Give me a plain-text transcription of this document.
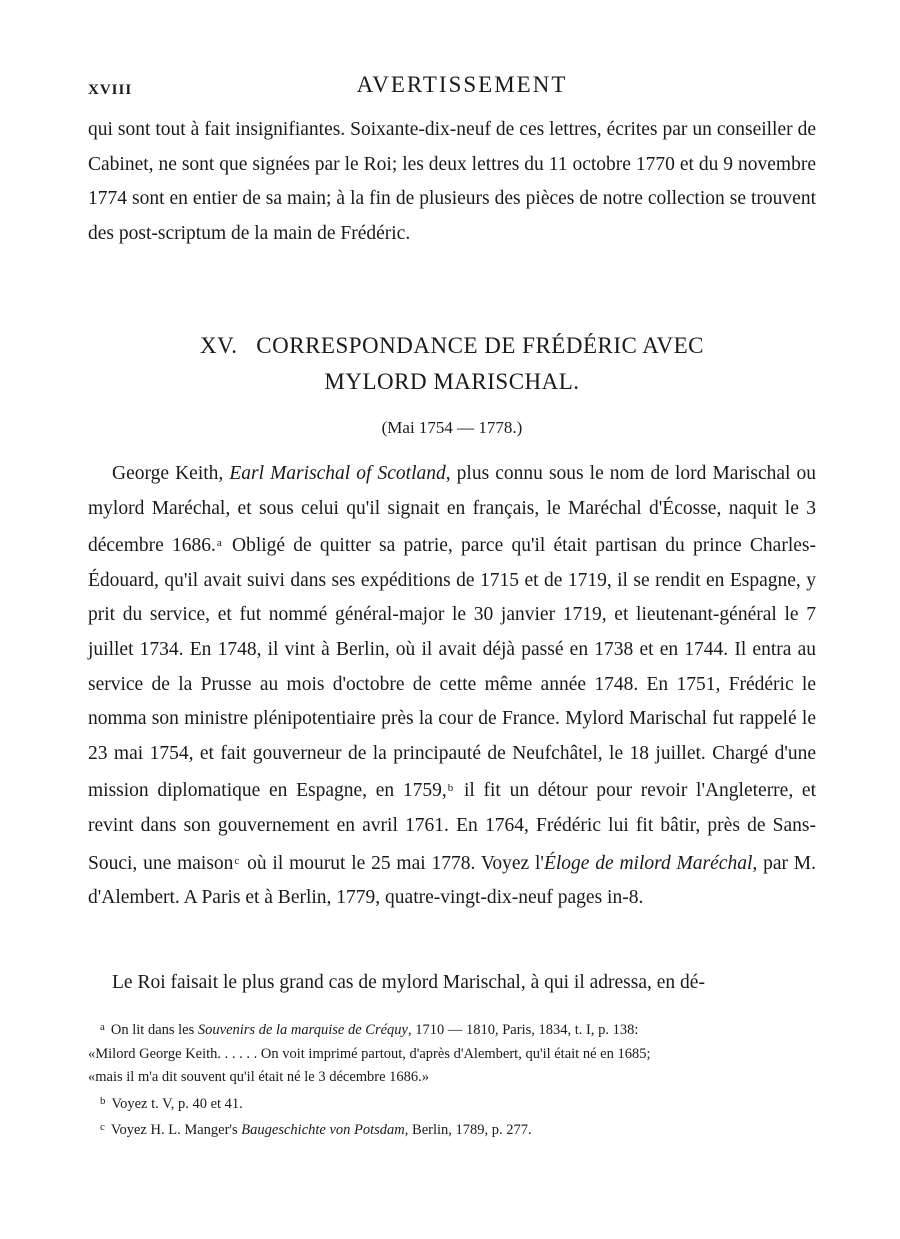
XVIII	AVERTISSEMENT

qui sont tout à fait insignifiantes. Soixante-dix-neuf de ces lettres, écrites par un conseiller de Cabinet, ne sont que signées par le Roi; les deux lettres du 11 octobre 1770 et du 9 novembre 1774 sont en entier de sa main; à la fin de plusieurs des pièces de notre collection se trouvent des post-scriptum de la main de Frédéric.

XV.   CORRESPONDANCE DE FRÉDÉRIC AVEC
MYLORD MARISCHAL.
(Mai 1754 — 1778.)

George Keith, Earl Marischal of Scotland, plus connu sous le nom de lord Marischal ou mylord Maréchal, et sous celui qu'il signait en français, le Maréchal d'Écosse, naquit le 3 décembre 1686.$^a$ Obligé de quitter sa patrie, parce qu'il était partisan du prince Charles-Édouard, qu'il avait suivi dans ses expéditions de 1715 et de 1719, il se rendit en Espagne, y prit du service, et fut nommé général-major le 30 janvier 1719, et lieutenant-général le 7 juillet 1734. En 1748, il vint à Berlin, où il avait déjà passé en 1738 et en 1744. Il entra au service de la Prusse au mois d'octobre de cette même année 1748. En 1751, Frédéric le nomma son ministre plénipotentiaire près la cour de France. Mylord Marischal fut rappelé le 23 mai 1754, et fait gouverneur de la principauté de Neufchâtel, le 18 juillet. Chargé d'une mission diplomatique en Espagne, en 1759,$^b$ il fit un détour pour revoir l'Angleterre, et revint dans son gouvernement en avril 1761. En 1764, Frédéric lui fit bâtir, près de Sans-Souci, une maison$^c$ où il mourut le 25 mai 1778. Voyez l'Éloge de milord Maréchal, par M. d'Alembert. A Paris et à Berlin, 1779, quatre-vingt-dix-neuf pages in-8.

Le Roi faisait le plus grand cas de mylord Marischal, à qui il adressa, en dé-

$^a$ On lit dans les Souvenirs de la marquise de Créquy, 1710 — 1810, Paris, 1834, t. I, p. 138:

«Milord George Keith. . . . . . On voit imprimé partout, d'après d'Alembert, qu'il était né en 1685;

«mais il m'a dit souvent qu'il était né le 3 décembre 1686.»

$^b$ Voyez t. V, p. 40 et 41.

$^c$ Voyez H. L. Manger's Baugeschichte von Potsdam, Berlin, 1789, p. 277.
